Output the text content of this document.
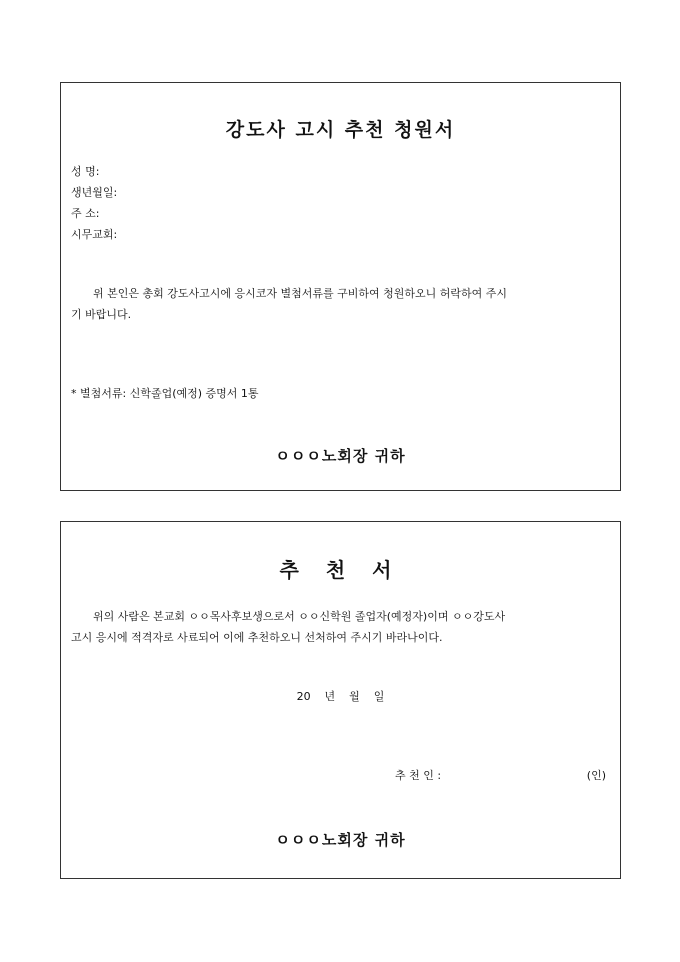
강도사 고시 추천 청원서
성 명:
생년월일:
주 소:
시무교회:
위 본인은 총회 강도사고시에 응시코자 별첨서류를 구비하여 청원하오니 허락하여 주시
기 바랍니다.
* 별첨서류: 신학졸업(예정) 증명서 1통
ㅇㅇㅇ노회장 귀하
추 천 서
위의 사람은 본교회 ㅇㅇ목사후보생으로서 ㅇㅇ신학원 졸업자(예정자)이며 ㅇㅇ강도사
고시 응시에 적격자로 사료되어 이에 추천하오니 선처하여 주시기 바라나이다.
20    년    월    일
추 천 인 :	(인)
ㅇㅇㅇ노회장 귀하
